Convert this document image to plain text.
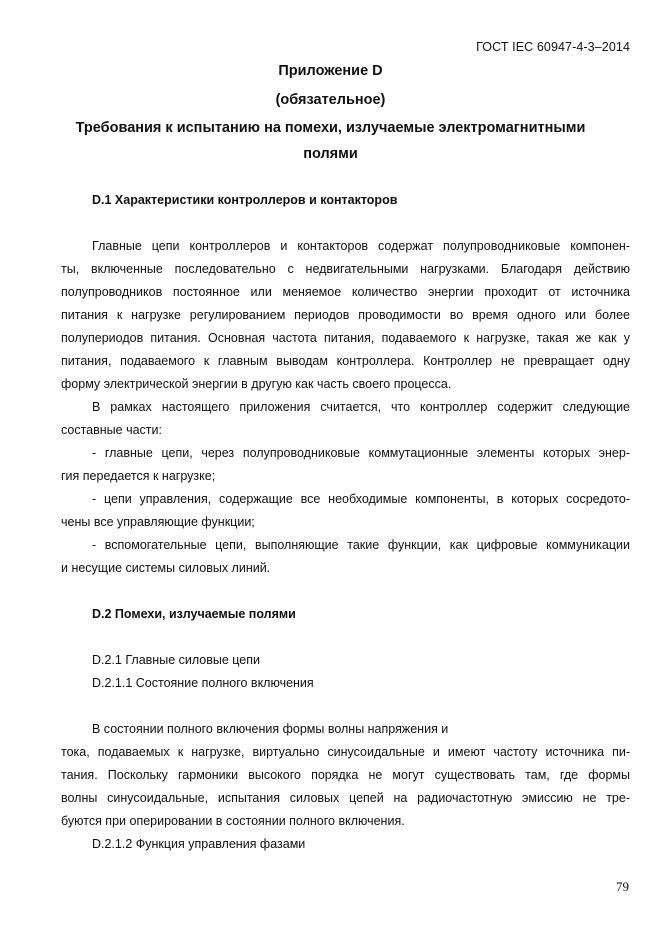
ГОСТ IEC 60947-4-3–2014
Приложение D
(обязательное)
Требования к испытанию на помехи, излучаемые электромагнитными
полями
D.1 Характеристики контроллеров и контакторов
Главные цепи контроллеров и контакторов содержат полупроводниковые компонен-
ты, включенные последовательно с недвигательными нагрузками. Благодаря действию
полупроводников постоянное или меняемое количество энергии проходит от источника
питания к нагрузке регулированием периодов проводимости во время одного или более
полупериодов питания. Основная частота питания, подаваемого к нагрузке, такая же как у
питания, подаваемого к главным выводам контроллера. Контроллер не превращает одну
форму электрической энергии в другую как часть своего процесса.
В рамках настоящего приложения считается, что контроллер содержит следующие
составные части:
- главные цепи, через полупроводниковые коммутационные элементы которых энер-
гия передается к нагрузке;
- цепи управления, содержащие все необходимые компоненты, в которых сосредото-
чены все управляющие функции;
- вспомогательные цепи, выполняющие такие функции, как цифровые коммуникации
и несущие системы силовых линий.
D.2 Помехи, излучаемые полями
D.2.1 Главные силовые цепи
D.2.1.1 Состояние полного включения
В состоянии полного включения формы волны напряжения и
тока, подаваемых к нагрузке, виртуально синусоидальные и имеют частоту источника пи-
тания. Поскольку гармоники высокого порядка не могут существовать там, где формы
волны синусоидальные, испытания силовых цепей на радиочастотную эмиссию не тре-
буются при оперировании в состоянии полного включения.
D.2.1.2 Функция управления фазами
79
